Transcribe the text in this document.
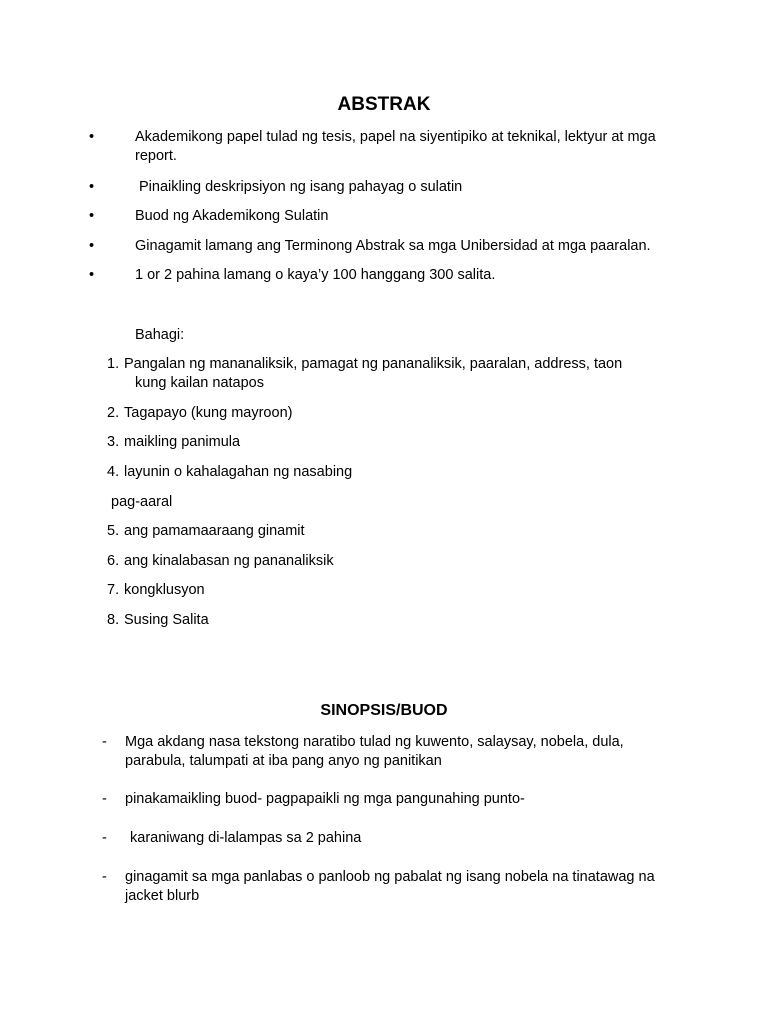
ABSTRAK
•	Akademikong papel tulad ng tesis, papel na siyentipiko at teknikal, lektyur at mga
report.
•	Pinaikling deskripsiyon ng isang pahayag o sulatin
•	Buod ng Akademikong Sulatin
•	Ginagamit lamang ang Terminong Abstrak sa mga Unibersidad at mga paaralan.
•	1 or 2 pahina lamang o kaya’y 100 hanggang 300 salita.
Bahagi:
1. Pangalan ng mananaliksik, pamagat ng pananaliksik, paaralan, address, taon
kung kailan natapos
2. Tagapayo (kung mayroon)
3. maikling panimula
4. layunin o kahalagahan ng nasabing
pag-aaral
5. ang pamamaaraang ginamit
6. ang kinalabasan ng pananaliksik
7. kongklusyon
8. Susing Salita
SINOPSIS/BUOD
- Mga akdang nasa tekstong naratibo tulad ng kuwento, salaysay, nobela, dula,
parabula, talumpati at iba pang anyo ng panitikan
- pinakamaikling buod- pagpapaikli ng mga pangunahing punto-
- karaniwang di-lalampas sa 2 pahina
- ginagamit sa mga panlabas o panloob ng pabalat ng isang nobela na tinatawag na
jacket blurb
